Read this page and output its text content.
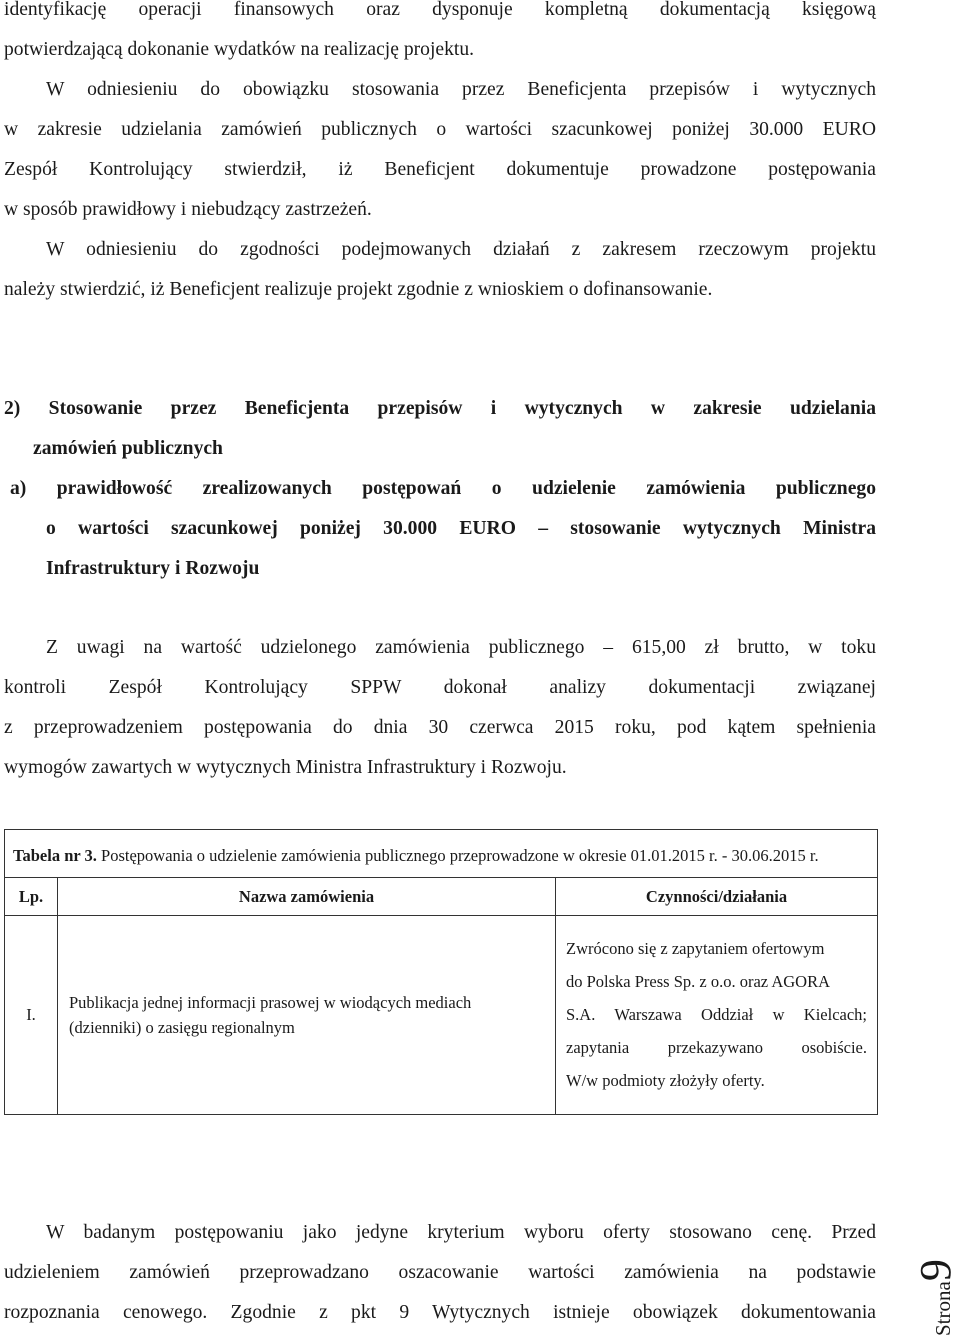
identyfikację operacji finansowych oraz dysponuje kompletną dokumentacją księgową
potwierdzającą dokonanie wydatków na realizację projektu.
W odniesieniu do obowiązku stosowania przez Beneficjenta przepisów i wytycznych
w zakresie udzielania zamówień publicznych o wartości szacunkowej poniżej 30.000 EURO
Zespół Kontrolujący stwierdził, iż Beneficjent dokumentuje prowadzone postępowania
w sposób prawidłowy i niebudzący zastrzeżeń.
W odniesieniu do zgodności podejmowanych działań z zakresem rzeczowym projektu
należy stwierdzić, iż Beneficjent realizuje projekt zgodnie z wnioskiem o dofinansowanie.
2) Stosowanie przez Beneficjenta przepisów i wytycznych w zakresie udzielania
zamówień publicznych
a) prawidłowość zrealizowanych postępowań o udzielenie zamówienia publicznego
o wartości szacunkowej poniżej 30.000 EURO – stosowanie wytycznych Ministra
Infrastruktury i Rozwoju
Z uwagi na wartość udzielonego zamówienia publicznego – 615,00 zł brutto, w toku
kontroli Zespół Kontrolujący SPPW dokonał analizy dokumentacji związanej
z przeprowadzeniem postępowania do dnia 30 czerwca 2015 roku, pod kątem spełnienia
wymogów zawartych w wytycznych Ministra Infrastruktury i Rozwoju.
Tabela nr 3. Postępowania o udzielenie zamówienia publicznego przeprowadzone w okresie 01.01.2015 r. - 30.06.2015 r.		
Lp.	Nazwa zamówienia	Czynności/działania
I.	Publikacja jednej informacji prasowej w wiodących mediach (dzienniki) o zasięgu regionalnym	Zwrócono się z zapytaniem ofertowym
do Polska Press Sp. z o.o. oraz AGORA
S.A. Warszawa Oddział w Kielcach;
zapytania przekazywano osobiście.
W/w podmioty złożyły oferty.
W badanym postępowaniu jako jedyne kryterium wyboru oferty stosowano cenę. Przed
udzieleniem zamówień przeprowadzano oszacowanie wartości zamówienia na podstawie
rozpoznania cenowego. Zgodnie z pkt 9 Wytycznych istnieje obowiązek dokumentowania	Strona9
